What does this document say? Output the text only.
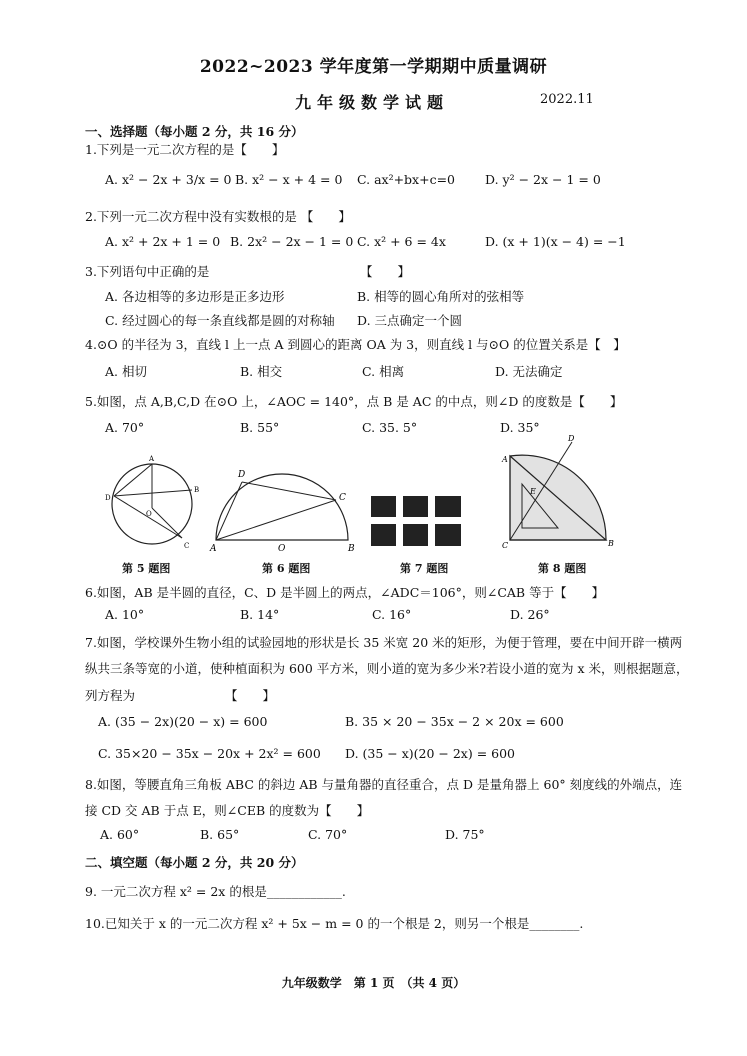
2022~2023 学年度第一学期期中质量调研
九年级数学试题	2022.11
一、选择题（每小题 2 分，共 16 分）
1.下列是一元二次方程的是【　　】
A. x² − 2x + 3/x = 0 B. x² − x + 4 = 0 C. ax²+bx+c=0 D. y² − 2x − 1 = 0
2.下列一元二次方程中没有实数根的是 【　　】
A. x² + 2x + 1 = 0 B. 2x² − 2x − 1 = 0 C. x² + 6 = 4x	D. (x + 1)(x − 4) = −1
3.下列语句中正确的是	【　　】
A. 各边相等的多边形是正多边形	B. 相等的圆心角所对的弦相等
C. 经过圆心的每一条直线都是圆的对称轴 D. 三点确定一个圆
4.⊙O 的半径为 3，直线 l 上一点 A 到圆心的距离 OA 为 3，则直线 l 与⊙O 的位置关系是【　】
A. 相切	B. 相交	C. 相离	D. 无法确定
5.如图，点 A,B,C,D 在⊙O 上，∠AOC = 140°，点 B 是 AC 的中点，则∠D 的度数是【　　】
A. 70°	B. 55°	C. 35. 5°	D. 35°
A
B
C
D
O
D
C
A	O	B
A
C	B
D
E
第 5 题图	第 6 题图	第 7 题图	第 8 题图
6.如图，AB 是半圆的直径，C、D 是半圆上的两点，∠ADC＝106°，则∠CAB 等于【　　】
A. 10°	B. 14°	C. 16°	D. 26°
7.如图，学校课外生物小组的试验园地的形状是长 35 米宽 20 米的矩形，为便于管理，要在中间开辟一横两
纵共三条等宽的小道，使种植面积为 600 平方米，则小道的宽为多少米?若设小道的宽为 x 米，则根据题意，
列方程为	【　　】
A. (35 − 2x)(20 − x) = 600	B. 35 × 20 − 35x − 2 × 20x = 600
C. 35×20 − 35x − 20x + 2x² = 600 D. (35 − x)(20 − 2x) = 600
8.如图，等腰直角三角板 ABC 的斜边 AB 与量角器的直径重合，点 D 是量角器上 60° 刻度线的外端点，连
接 CD 交 AB 于点 E，则∠CEB 的度数为【　　】
A. 60°	B. 65°	C. 70°	D. 75°
二、填空题（每小题 2 分，共 20 分）
9. 一元二次方程 x² = 2x 的根是____________.
10.已知关于 x 的一元二次方程 x² + 5x − m = 0 的一个根是 2，则另一个根是________.
九年级数学　第 1 页　（共 4 页）
